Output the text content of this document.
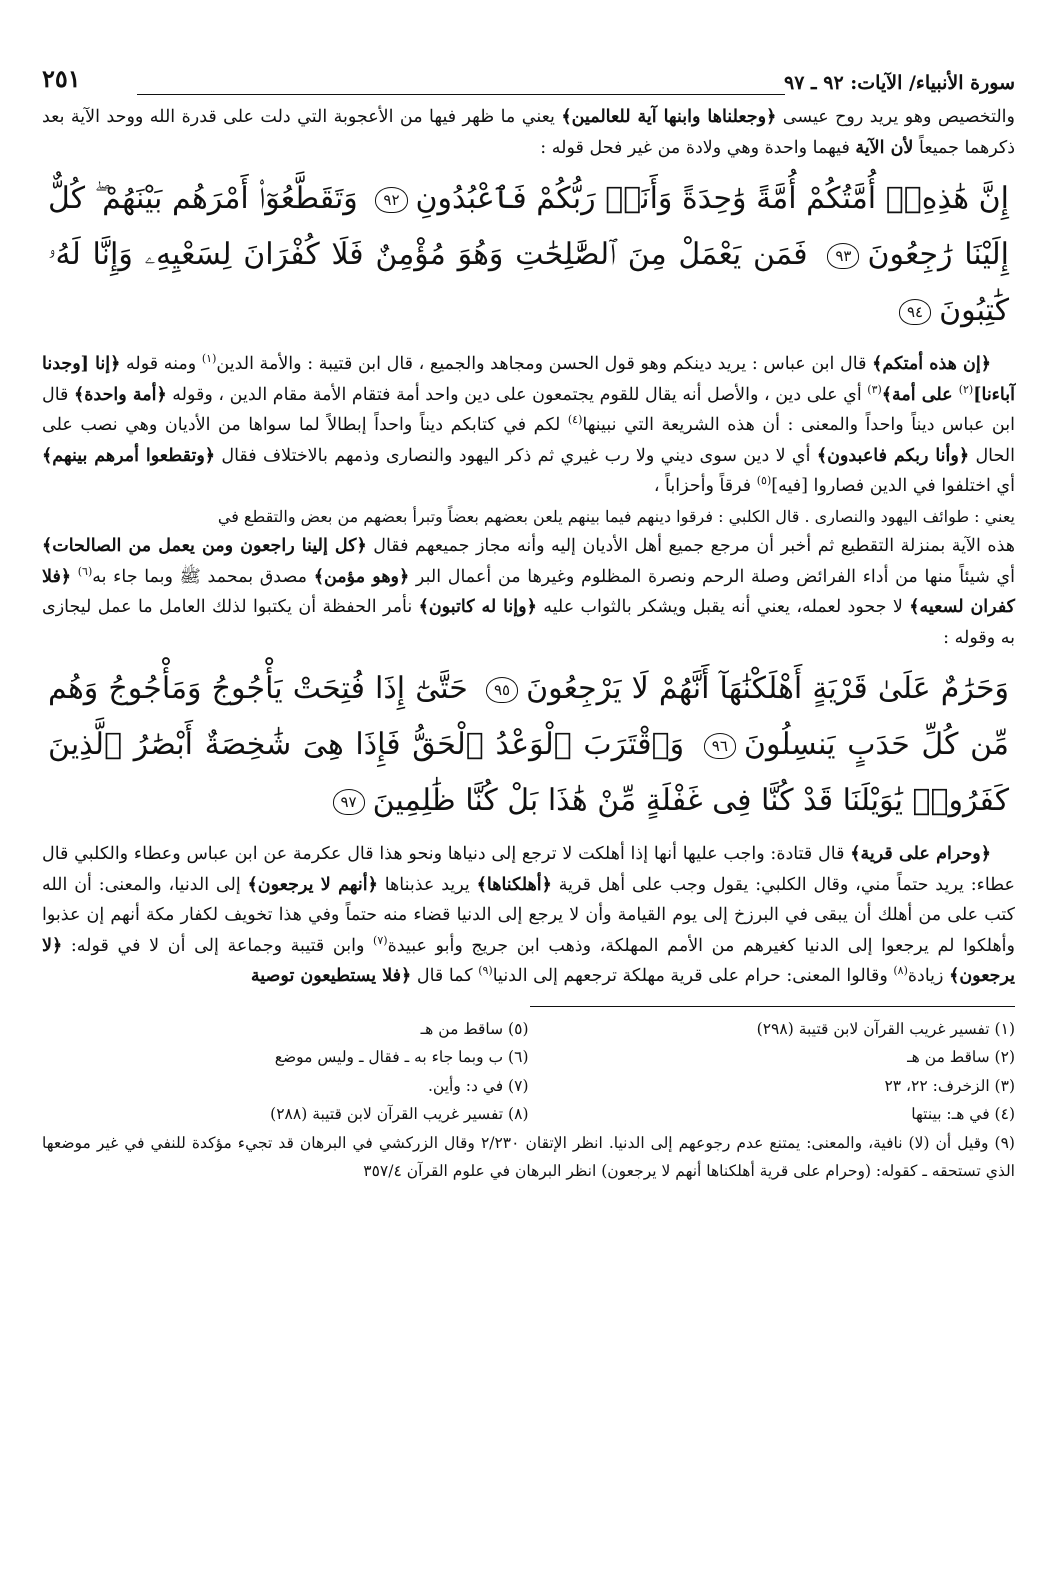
سورة الأنبياء/ الآيات: ٩٢ ـ ٩٧
٢٥١

والتخصيص وهو يريد روح عيسى ﴿وجعلناها وابنها آية للعالمين﴾ يعني ما ظهر فيها من الأعجوبة التي دلت على قدرة الله ووحد الآية بعد ذكرهما جميعاً لأن الآية فيهما واحدة وهي ولادة من غير فحل قوله :

إِنَّ هَٰذِهِۦٓ أُمَّتُكُمْ أُمَّةً وَٰحِدَةً وَأَنَا۠ رَبُّكُمْ فَٱعْبُدُونِ٩٢ وَتَقَطَّعُوٓا۟ أَمْرَهُم بَيْنَهُمْ ۖ كُلٌّ إِلَيْنَا رَٰجِعُونَ٩٣ فَمَن يَعْمَلْ مِنَ ٱلصَّٰلِحَٰتِ وَهُوَ مُؤْمِنٌ فَلَا كُفْرَانَ لِسَعْيِهِۦ وَإِنَّا لَهُۥ كَٰتِبُونَ٩٤

﴿إن هذه أمتكم﴾ قال ابن عباس : يريد دينكم وهو قول الحسن ومجاهد والجميع ، قال ابن قتيبة : والأمة الدين$^{(١)}$ ومنه قوله ﴿إنا [وجدنا آباءنا]$^{(٢)}$ على أمة﴾$^{(٣)}$ أي على دين ، والأصل أنه يقال للقوم يجتمعون على دين واحد أمة فتقام الأمة مقام الدين ، وقوله ﴿أمة واحدة﴾ قال ابن عباس ديناً واحداً والمعنى : أن هذه الشريعة التي نبينها$^{(٤)}$ لكم في كتابكم ديناً واحداً إبطالاً لما سواها من الأديان وهي نصب على الحال ﴿وأنا ربكم فاعبدون﴾ أي لا دين سوى ديني ولا رب غيري ثم ذكر اليهود والنصارى وذمهم بالاختلاف فقال ﴿وتقطعوا أمرهم بينهم﴾ أي اختلفوا في الدين فصاروا [فيه]$^{(٥)}$ فرقاً وأحزاباً ،

يعني : طوائف اليهود والنصارى . قال الكلبي : فرقوا دينهم فيما بينهم يلعن بعضهم بعضاً وتبرأ بعضهم من بعض والتقطع في

هذه الآية بمنزلة التقطيع ثم أخبر أن مرجع جميع أهل الأديان إليه وأنه مجاز جميعهم فقال ﴿كل إلينا راجعون ومن يعمل من الصالحات﴾ أي شيئاً منها من أداء الفرائض وصلة الرحم ونصرة المظلوم وغيرها من أعمال البر ﴿وهو مؤمن﴾ مصدق بمحمد ﷺ وبما جاء به$^{(٦)}$ ﴿فلا كفران لسعيه﴾ لا جحود لعمله، يعني أنه يقبل ويشكر بالثواب عليه ﴿وإنا له كاتبون﴾ نأمر الحفظة أن يكتبوا لذلك العامل ما عمل ليجازى به وقوله :

وَحَرَٰمٌ عَلَىٰ قَرْيَةٍ أَهْلَكْنَٰهَآ أَنَّهُمْ لَا يَرْجِعُونَ٩٥ حَتَّىٰٓ إِذَا فُتِحَتْ يَأْجُوجُ وَمَأْجُوجُ وَهُم مِّن كُلِّ حَدَبٍ يَنسِلُونَ٩٦ وَٱقْتَرَبَ ٱلْوَعْدُ ٱلْحَقُّ فَإِذَا هِىَ شَٰخِصَةٌ أَبْصَٰرُ ٱلَّذِينَ كَفَرُوا۟ يَٰوَيْلَنَا قَدْ كُنَّا فِى غَفْلَةٍ مِّنْ هَٰذَا بَلْ كُنَّا ظَٰلِمِينَ٩٧

﴿وحرام على قرية﴾ قال قتادة: واجب عليها أنها إذا أهلكت لا ترجع إلى دنياها ونحو هذا قال عكرمة عن ابن عباس وعطاء والكلبي قال عطاء: يريد حتماً مني، وقال الكلبي: يقول وجب على أهل قرية ﴿أهلكناها﴾ يريد عذبناها ﴿أنهم لا يرجعون﴾ إلى الدنيا، والمعنى: أن الله كتب على من أهلك أن يبقى في البرزخ إلى يوم القيامة وأن لا يرجع إلى الدنيا قضاء منه حتماً وفي هذا تخويف لكفار مكة أنهم إن عذبوا وأهلكوا لم يرجعوا إلى الدنيا كغيرهم من الأمم المهلكة، وذهب ابن جريج وأبو عبيدة$^{(٧)}$ وابن قتيبة وجماعة إلى أن لا في قوله: ﴿لا يرجعون﴾ زيادة$^{(٨)}$ وقالوا المعنى: حرام على قرية مهلكة ترجعهم إلى الدنيا$^{(٩)}$ كما قال ﴿فلا يستطيعون توصية

(١) تفسير غريب القرآن لابن قتيبة (٢٩٨)
(٥) ساقط من هـ
(٢) ساقط من هـ
(٦) ب وبما جاء به ـ فقال ـ وليس موضع
(٣) الزخرف: ٢٢، ٢٣
(٧) في د: وأين.
(٤) في هـ: بينتها
(٨) تفسير غريب القرآن لابن قتيبة (٢٨٨)
(٩) وقيل أن (لا) نافية، والمعنى: يمتنع عدم رجوعهم إلى الدنيا. انظر الإتقان ٢/٢٣٠ وقال الزركشي في البرهان قد تجيء مؤكدة للنفي في غير موضعها الذي تستحقه ـ كقوله: (وحرام على قرية أهلكناها أنهم لا يرجعون) انظر البرهان في علوم القرآن ٣٥٧/٤
